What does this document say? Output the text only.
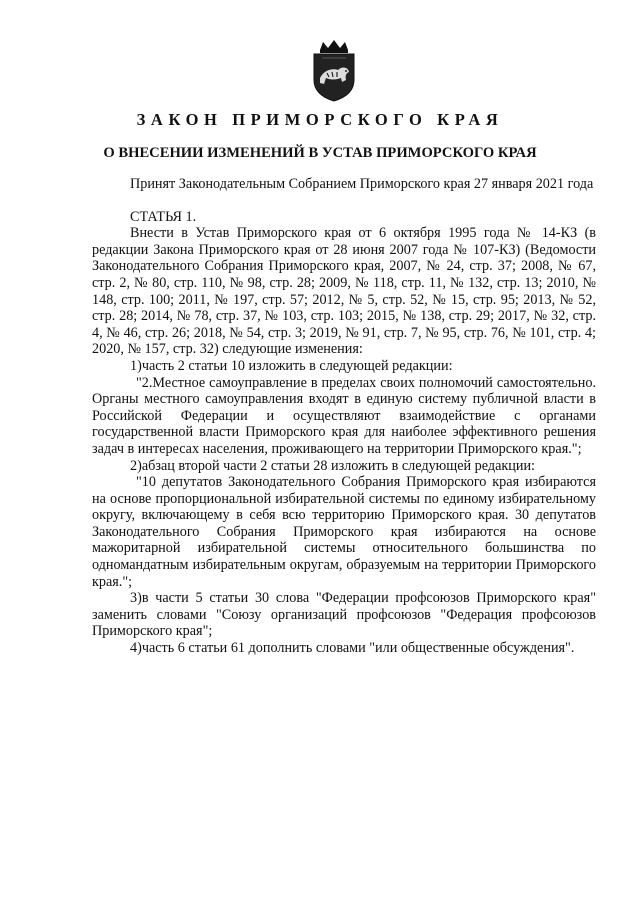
ЗАКОН ПРИМОРСКОГО КРАЯ
О ВНЕСЕНИИ ИЗМЕНЕНИЙ В УСТАВ ПРИМОРСКОГО КРАЯ

Принят Законодательным Собранием Приморского края 27 января 2021 года

СТАТЬЯ 1.

Внести в Устав Приморского края от 6 октября 1995 года № 14-КЗ (в редакции Закона Приморского края от 28 июня 2007 года № 107-КЗ) (Ведомости Законодательного Собрания Приморского края, 2007, № 24, стр. 37; 2008, № 67, стр. 2, № 80, стр. 110, № 98, стр. 28; 2009, № 118, стр. 11, № 132, стр. 13; 2010, № 148, стр. 100; 2011, № 197, стр. 57; 2012, № 5, стр. 52, № 15, стр. 95; 2013, № 52, стр. 28; 2014, № 78, стр. 37, № 103, стр. 103; 2015, № 138, стр. 29; 2017, № 32, стр. 4, № 46, стр. 26; 2018, № 54, стр. 3; 2019, № 91, стр. 7, № 95, стр. 76, № 101, стр. 4; 2020, № 157, стр. 32) следующие изменения:

1)часть 2 статьи 10 изложить в следующей редакции:

"2.Местное самоуправление в пределах своих полномочий самостоятельно. Органы местного самоуправления входят в единую систему публичной власти в Российской Федерации и осуществляют взаимодействие с органами государственной власти Приморского края для наиболее эффективного решения задач в интересах населения, проживающего на территории Приморского края.";

2)абзац второй части 2 статьи 28 изложить в следующей редакции:

"10 депутатов Законодательного Собрания Приморского края избираются на основе пропорциональной избирательной системы по единому избирательному округу, включающему в себя всю территорию Приморского края. 30 депутатов Законодательного Собрания Приморского края избираются на основе мажоритарной избирательной системы относительного большинства по одномандатным избирательным округам, образуемым на территории Приморского края.";

3)в части 5 статьи 30 слова "Федерации профсоюзов Приморского края" заменить словами "Союзу организаций профсоюзов "Федерация профсоюзов Приморского края";

4)часть 6 статьи 61 дополнить словами "или общественные обсуждения".
